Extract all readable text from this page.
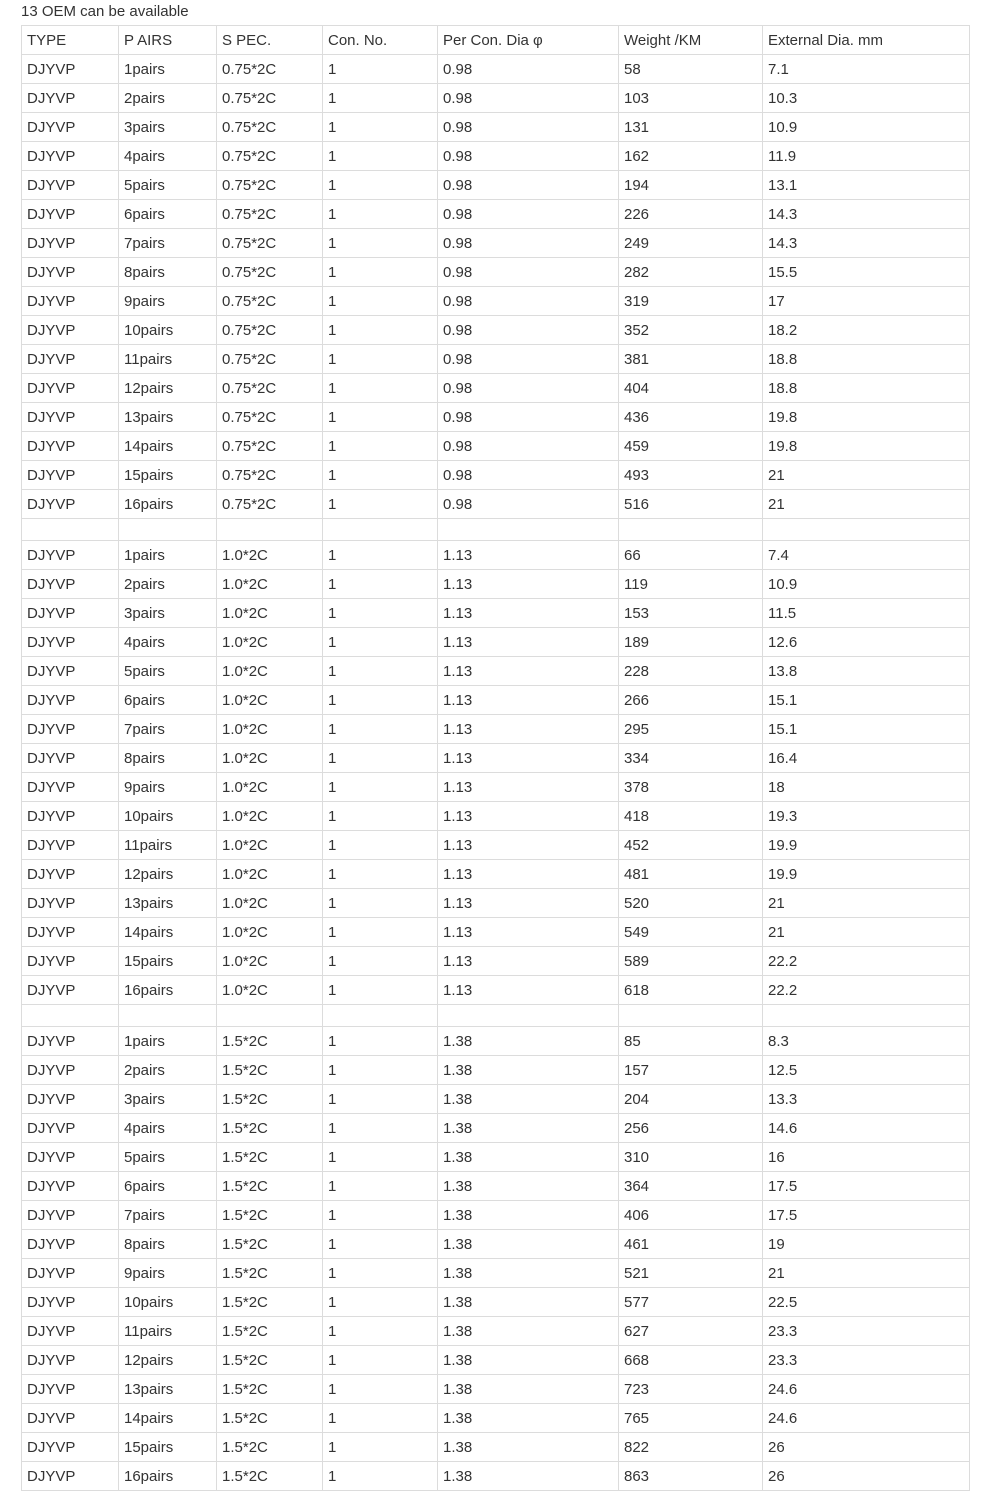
13 OEM can be available
TYPE	P AIRS	S PEC.	Con. No.	Per Con. Dia φ	Weight /KM	External Dia. mm
DJYVP	1pairs	0.75*2C	1	0.98	58	7.1
DJYVP	2pairs	0.75*2C	1	0.98	103	10.3
DJYVP	3pairs	0.75*2C	1	0.98	131	10.9
DJYVP	4pairs	0.75*2C	1	0.98	162	11.9
DJYVP	5pairs	0.75*2C	1	0.98	194	13.1
DJYVP	6pairs	0.75*2C	1	0.98	226	14.3
DJYVP	7pairs	0.75*2C	1	0.98	249	14.3
DJYVP	8pairs	0.75*2C	1	0.98	282	15.5
DJYVP	9pairs	0.75*2C	1	0.98	319	17
DJYVP	10pairs	0.75*2C	1	0.98	352	18.2
DJYVP	11pairs	0.75*2C	1	0.98	381	18.8
DJYVP	12pairs	0.75*2C	1	0.98	404	18.8
DJYVP	13pairs	0.75*2C	1	0.98	436	19.8
DJYVP	14pairs	0.75*2C	1	0.98	459	19.8
DJYVP	15pairs	0.75*2C	1	0.98	493	21
DJYVP	16pairs	0.75*2C	1	0.98	516	21

DJYVP	1pairs	1.0*2C	1	1.13	66	7.4
DJYVP	2pairs	1.0*2C	1	1.13	119	10.9
DJYVP	3pairs	1.0*2C	1	1.13	153	11.5
DJYVP	4pairs	1.0*2C	1	1.13	189	12.6
DJYVP	5pairs	1.0*2C	1	1.13	228	13.8
DJYVP	6pairs	1.0*2C	1	1.13	266	15.1
DJYVP	7pairs	1.0*2C	1	1.13	295	15.1
DJYVP	8pairs	1.0*2C	1	1.13	334	16.4
DJYVP	9pairs	1.0*2C	1	1.13	378	18
DJYVP	10pairs	1.0*2C	1	1.13	418	19.3
DJYVP	11pairs	1.0*2C	1	1.13	452	19.9
DJYVP	12pairs	1.0*2C	1	1.13	481	19.9
DJYVP	13pairs	1.0*2C	1	1.13	520	21
DJYVP	14pairs	1.0*2C	1	1.13	549	21
DJYVP	15pairs	1.0*2C	1	1.13	589	22.2
DJYVP	16pairs	1.0*2C	1	1.13	618	22.2

DJYVP	1pairs	1.5*2C	1	1.38	85	8.3
DJYVP	2pairs	1.5*2C	1	1.38	157	12.5
DJYVP	3pairs	1.5*2C	1	1.38	204	13.3
DJYVP	4pairs	1.5*2C	1	1.38	256	14.6
DJYVP	5pairs	1.5*2C	1	1.38	310	16
DJYVP	6pairs	1.5*2C	1	1.38	364	17.5
DJYVP	7pairs	1.5*2C	1	1.38	406	17.5
DJYVP	8pairs	1.5*2C	1	1.38	461	19
DJYVP	9pairs	1.5*2C	1	1.38	521	21
DJYVP	10pairs	1.5*2C	1	1.38	577	22.5
DJYVP	11pairs	1.5*2C	1	1.38	627	23.3
DJYVP	12pairs	1.5*2C	1	1.38	668	23.3
DJYVP	13pairs	1.5*2C	1	1.38	723	24.6
DJYVP	14pairs	1.5*2C	1	1.38	765	24.6
DJYVP	15pairs	1.5*2C	1	1.38	822	26
DJYVP	16pairs	1.5*2C	1	1.38	863	26
